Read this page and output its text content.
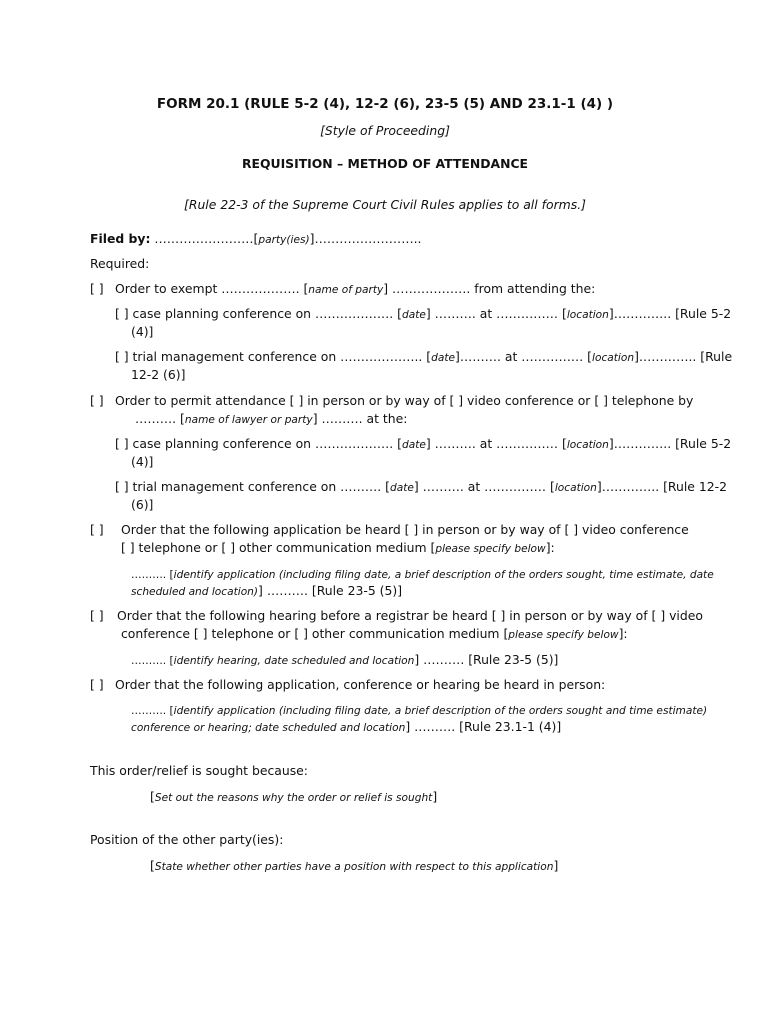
FORM 20.1 (RULE 5-2 (4), 12-2 (6), 23-5 (5) AND 23.1-1 (4) )
[Style of Proceeding]
REQUISITION – METHOD OF ATTENDANCE
[Rule 22-3 of the Supreme Court Civil Rules applies to all forms.]
Filed by: ……………………[party(ies)]……………………..
Required:
[ ] Order to exempt ………………. [name of party] ………………. from attending the:
[ ] case planning conference on ………………. [date] ………. at …………… [location]………….. [Rule 5-2
(4)]
[ ] trial management conference on ……………….. [date]………. at …………… [location]………….. [Rule
12-2 (6)]
[ ] Order to permit attendance [ ] in person or by way of [ ] video conference or [ ] telephone by
………. [name of lawyer or party] ………. at the:
[ ] case planning conference on ………………. [date] ………. at …………… [location]………….. [Rule 5-2
(4)]
[ ] trial management conference on ………. [date] ………. at …………… [location]………….. [Rule 12-2
(6)]
[ ] Order that the following application be heard [ ] in person or by way of [ ] video conference
[ ] telephone or [ ] other communication medium [please specify below]:
………. [identify application (including filing date, a brief description of the orders sought, time estimate, date
scheduled and location)] ………. [Rule 23-5 (5)]
[ ] Order that the following hearing before a registrar be heard [ ] in person or by way of [ ] video
conference [ ] telephone or [ ] other communication medium [please specify below]:
………. [identify hearing, date scheduled and location] ………. [Rule 23-5 (5)]
[ ] Order that the following application, conference or hearing be heard in person:
………. [identify application (including filing date, a brief description of the orders sought and time estimate)
conference or hearing; date scheduled and location] ………. [Rule 23.1-1 (4)]
This order/relief is sought because:
[Set out the reasons why the order or relief is sought]
Position of the other party(ies):
[State whether other parties have a position with respect to this application]
